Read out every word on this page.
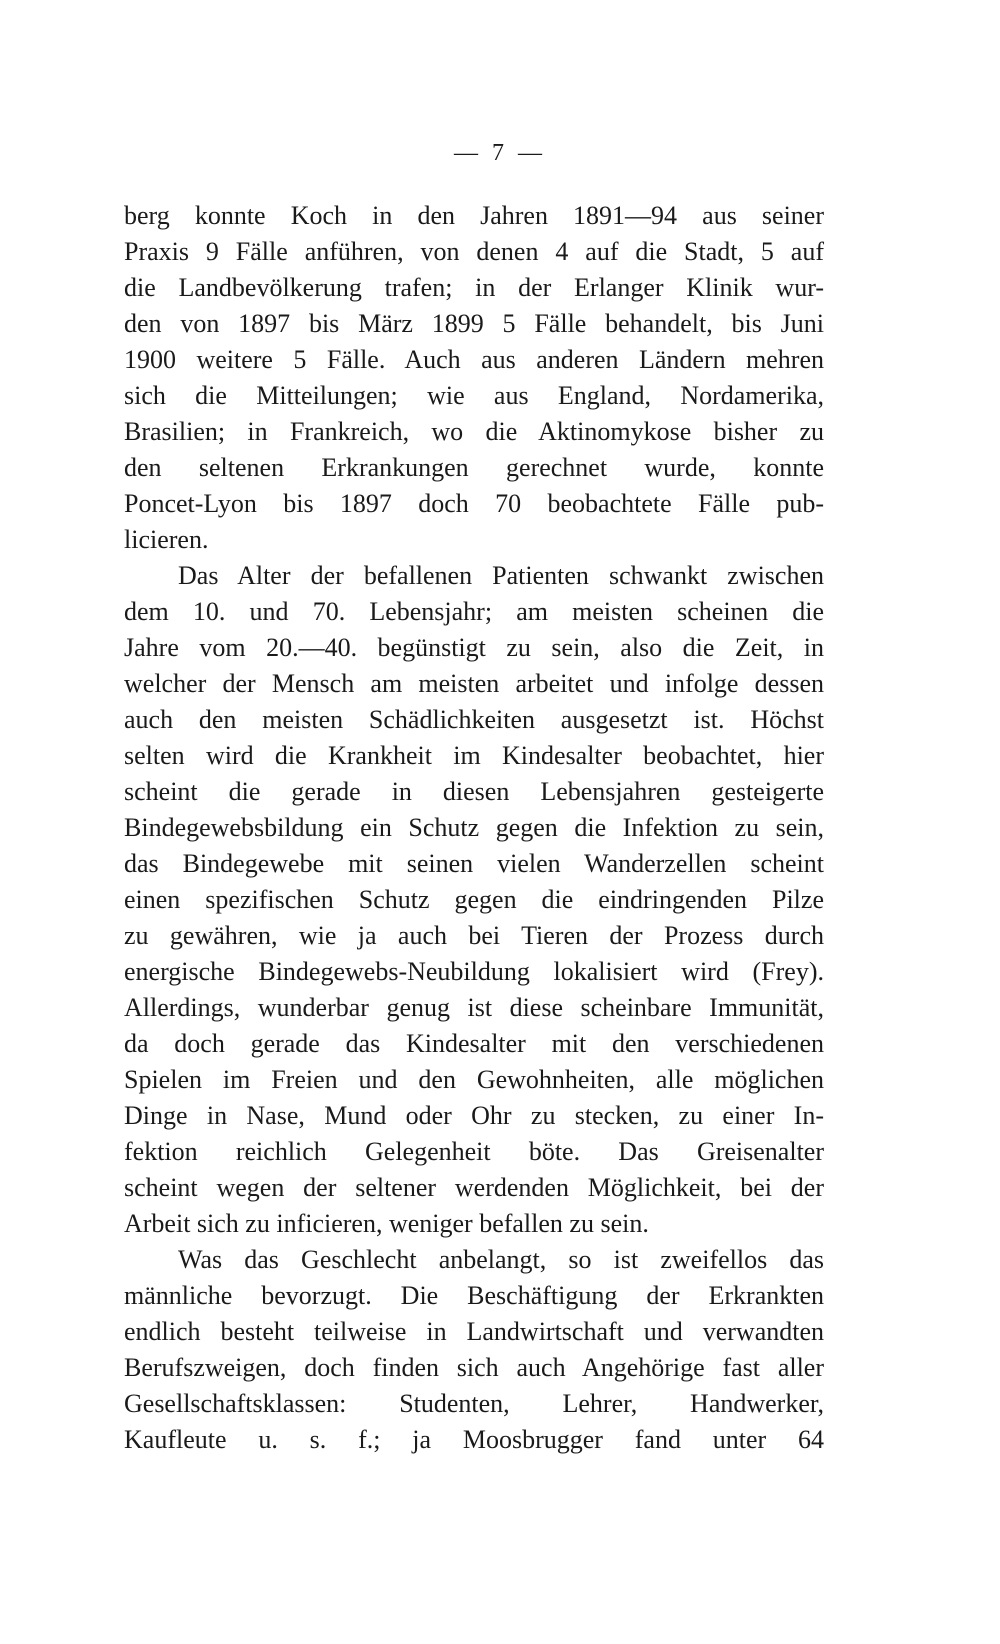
— 7 —
berg konnte Koch in den Jahren 1891—94 aus seiner
Praxis 9 Fälle anführen, von denen 4 auf die Stadt, 5 auf
die Landbevölkerung trafen; in der Erlanger Klinik wur-
den von 1897 bis März 1899 5 Fälle behandelt, bis Juni
1900 weitere 5 Fälle. Auch aus anderen Ländern mehren
sich die Mitteilungen; wie aus England, Nordamerika,
Brasilien; in Frankreich, wo die Aktinomykose bisher zu
den seltenen Erkrankungen gerechnet wurde, konnte
Poncet-Lyon bis 1897 doch 70 beobachtete Fälle pub-
licieren.
Das Alter der befallenen Patienten schwankt zwischen
dem 10. und 70. Lebensjahr; am meisten scheinen die
Jahre vom 20.—40. begünstigt zu sein, also die Zeit, in
welcher der Mensch am meisten arbeitet und infolge dessen
auch den meisten Schädlichkeiten ausgesetzt ist. Höchst
selten wird die Krankheit im Kindesalter beobachtet, hier
scheint die gerade in diesen Lebensjahren gesteigerte
Bindegewebsbildung ein Schutz gegen die Infektion zu sein,
das Bindegewebe mit seinen vielen Wanderzellen scheint
einen spezifischen Schutz gegen die eindringenden Pilze
zu gewähren, wie ja auch bei Tieren der Prozess durch
energische Bindegewebs-Neubildung lokalisiert wird (Frey).
Allerdings, wunderbar genug ist diese scheinbare Immunität,
da doch gerade das Kindesalter mit den verschiedenen
Spielen im Freien und den Gewohnheiten, alle möglichen
Dinge in Nase, Mund oder Ohr zu stecken, zu einer In-
fektion reichlich Gelegenheit böte. Das Greisenalter
scheint wegen der seltener werdenden Möglichkeit, bei der
Arbeit sich zu inficieren, weniger befallen zu sein.
Was das Geschlecht anbelangt, so ist zweifellos das
männliche bevorzugt. Die Beschäftigung der Erkrankten
endlich besteht teilweise in Landwirtschaft und verwandten
Berufszweigen, doch finden sich auch Angehörige fast aller
Gesellschaftsklassen: Studenten, Lehrer, Handwerker,
Kaufleute u. s. f.; ja Moosbrugger fand unter 64
